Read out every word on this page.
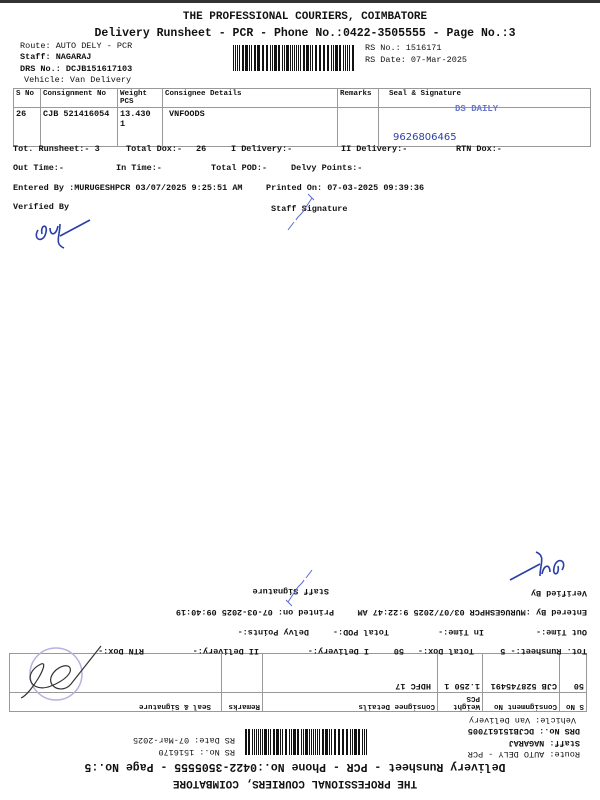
THE PROFESSIONAL COURIERS, COIMBATORE
Delivery Runsheet - PCR - Phone No.:0422-3505555 - Page No.:3
Route: AUTO DELY - PCR
Staff: NAGARAJ
DRS No.: DCJB151617103
Vehicle: Van Delivery
RS No.: 1516171
RS Date: 07-Mar-2025
S No	Consignment No	Weight PCS	Consignee Details	Remarks	Seal & Signature
26	CJB 521416054	13.430 1	VNFOODS		DS DAILY
9626806465
Tot. Runsheet:- 3	Total Dox:- 26	I Delivery:-	II Delivery:-	RTN Dox:-
Out Time:-	In Time:-	Total POD:-	Delvy Points:-
Entered By :MURUGESHPCR 03/07/2025 9:25:51 AM	Printed On: 07-03-2025 09:39:36
Verified By	Staff Signature
THE PROFESSIONAL COURIERS, COIMBATORE
Delivery Runsheet - PCR - Phone No.:0422-3505555 - Page No.:5
Route: AUTO DELY - PCR
Staff: NAGARAJ
DRS No.: DCJB151617005
Vehicle: Van Delivery
RS No.: 1516170
RS Date: 07-Mar-2025
S No	Consignment No	Weight PCS	Consignee Details	Remarks	Seal & Signature
50	CJB 528745491	1.250 1	HDFC 17		
Tot. Runsheet:- 5
Total Dox:-
50
I Delivery:-
II Delivery:-
RTN Dox:-
Out Time:-
In Time:-
Total POD:-
Delvy Points:-
Entered By :MURUGESHPCR 03/07/2025 9:22:47 AM
Printed on: 07-03-2025 09:40:19
Verified By
Staff Signature
